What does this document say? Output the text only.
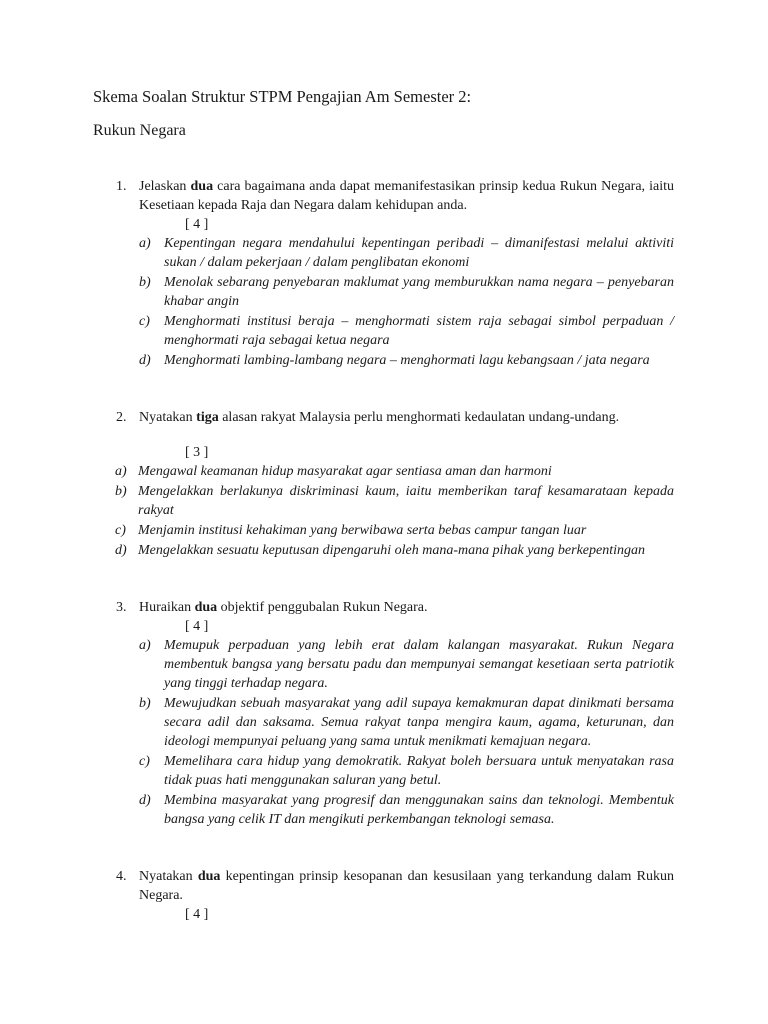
Skema Soalan Struktur STPM Pengajian Am Semester 2:
Rukun Negara
1. Jelaskan dua cara bagaimana anda dapat memanifestasikan prinsip kedua Rukun Negara, iaitu Kesetiaan kepada Raja dan Negara dalam kehidupan anda.
[ 4 ]
a) Kepentingan negara mendahului kepentingan peribadi – dimanifestasi melalui aktiviti sukan / dalam pekerjaan / dalam penglibatan ekonomi
b) Menolak sebarang penyebaran maklumat yang memburukkan nama negara – penyebaran khabar angin
c)	Menghormati institusi beraja – menghormati sistem raja sebagai simbol perpaduan / menghormati raja sebagai ketua negara
d) Menghormati lambing-lambang negara – menghormati lagu kebangsaan / jata negara
2. Nyatakan tiga alasan rakyat Malaysia perlu menghormati kedaulatan undang-undang.
[ 3 ]
a) Mengawal keamanan hidup masyarakat agar sentiasa aman dan harmoni
b) Mengelakkan berlakunya diskriminasi kaum, iaitu memberikan taraf kesamarataan kepada rakyat
c) Menjamin institusi kehakiman yang berwibawa serta bebas campur tangan luar
d) Mengelakkan sesuatu keputusan dipengaruhi oleh mana-mana pihak yang berkepentingan
3. Huraikan dua objektif penggubalan Rukun Negara.
[ 4 ]
a) Memupuk perpaduan yang lebih erat dalam kalangan masyarakat. Rukun Negara membentuk bangsa yang bersatu padu dan mempunyai semangat kesetiaan serta patriotik yang tinggi terhadap negara.
b) Mewujudkan sebuah masyarakat yang adil supaya kemakmuran dapat dinikmati bersama secara adil dan saksama. Semua rakyat tanpa mengira kaum, agama, keturunan, dan ideologi mempunyai peluang yang sama untuk menikmati kemajuan negara.
c)	Memelihara cara hidup yang demokratik. Rakyat boleh bersuara untuk menyatakan rasa tidak puas hati menggunakan saluran yang betul.
d) Membina masyarakat yang progresif dan menggunakan sains dan teknologi. Membentuk bangsa yang celik IT dan mengikuti perkembangan teknologi semasa.
4. Nyatakan dua kepentingan prinsip kesopanan dan kesusilaan yang terkandung dalam Rukun Negara.
[ 4 ]
